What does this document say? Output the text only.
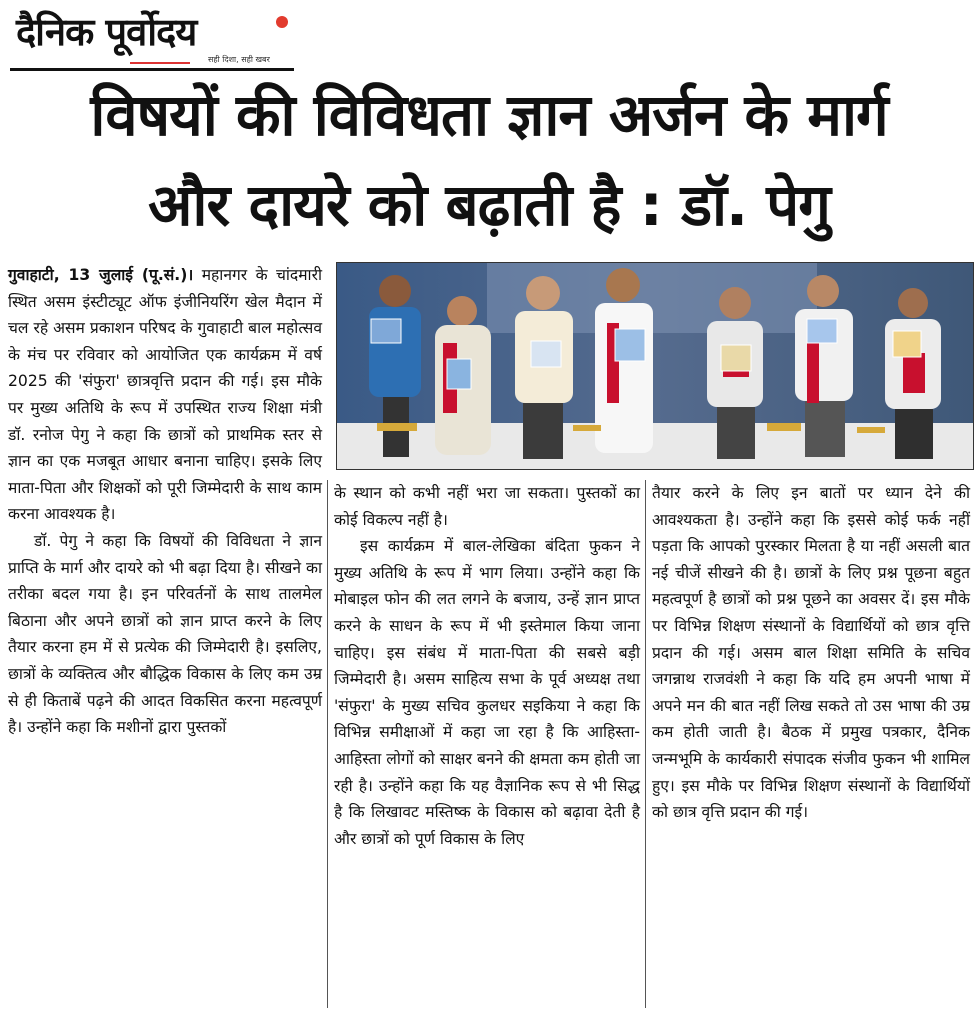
दैनिक पूर्वोदय
सही दिशा, सही खबर
विषयों की विविधता ज्ञान अर्जन के मार्ग
और दायरे को बढ़ाती है : डॉ. पेगु

गुवाहाटी, 13 जुलाई (पू.सं.)। महानगर के चांदमारी स्थित असम इंस्टीट्यूट ऑफ इंजीनियरिंग खेल मैदान में चल रहे असम प्रकाशन परिषद के गुवाहाटी बाल महोत्सव के मंच पर रविवार को आयोजित एक कार्यक्रम में वर्ष 2025 की 'संफुरा' छात्रवृत्ति प्रदान की गई। इस मौके पर मुख्य अतिथि के रूप में उपस्थित राज्य शिक्षा मंत्री डॉ. रनोज पेगु ने कहा कि छात्रों को प्राथमिक स्तर से ज्ञान का एक मजबूत आधार बनाना चाहिए। इसके लिए माता-पिता और शिक्षकों को पूरी जिम्मेदारी के साथ काम करना आवश्यक है।

डॉ. पेगु ने कहा कि विषयों की विविधता ने ज्ञान प्राप्ति के मार्ग और दायरे को भी बढ़ा दिया है। सीखने का तरीका बदल गया है। इन परिवर्तनों के साथ तालमेल बिठाना और अपने छात्रों को ज्ञान प्राप्त करने के लिए तैयार करना हम में से प्रत्येक की जिम्मेदारी है। इसलिए, छात्रों के व्यक्तित्व और बौद्धिक विकास के लिए कम उम्र से ही किताबें पढ़ने की आदत विकसित करना महत्वपूर्ण है। उन्होंने कहा कि मशीनों द्वारा पुस्तकों

के स्थान को कभी नहीं भरा जा सकता। पुस्तकों का कोई विकल्प नहीं है।

इस कार्यक्रम में बाल-लेखिका बंदिता फुकन ने मुख्य अतिथि के रूप में भाग लिया। उन्होंने कहा कि मोबाइल फोन की लत लगने के बजाय, उन्हें ज्ञान प्राप्त करने के साधन के रूप में भी इस्तेमाल किया जाना चाहिए। इस संबंध में माता-पिता की सबसे बड़ी जिम्मेदारी है। असम साहित्य सभा के पूर्व अध्यक्ष तथा 'संफुरा' के मुख्य सचिव कुलधर सइकिया ने कहा कि विभिन्न समीक्षाओं में कहा जा रहा है कि आहिस्ता-आहिस्ता लोगों को साक्षर बनने की क्षमता कम होती जा रही है। उन्होंने कहा कि यह वैज्ञानिक रूप से भी सिद्ध है कि लिखावट मस्तिष्क के विकास को बढ़ावा देती है और छात्रों को पूर्ण विकास के लिए

तैयार करने के लिए इन बातों पर ध्यान देने की आवश्यकता है। उन्होंने कहा कि इससे कोई फर्क नहीं पड़ता कि आपको पुरस्कार मिलता है या नहीं असली बात नई चीजें सीखने की है। छात्रों के लिए प्रश्न पूछना बहुत महत्वपूर्ण है छात्रों को प्रश्न पूछने का अवसर दें। इस मौके पर विभिन्न शिक्षण संस्थानों के विद्यार्थियों को छात्र वृत्ति प्रदान की गई। असम बाल शिक्षा समिति के सचिव जगन्नाथ राजवंशी ने कहा कि यदि हम अपनी भाषा में अपने मन की बात नहीं लिख सकते तो उस भाषा की उम्र कम होती जाती है। बैठक में प्रमुख पत्रकार, दैनिक जन्मभूमि के कार्यकारी संपादक संजीव फुकन भी शामिल हुए। इस मौके पर विभिन्न शिक्षण संस्थानों के विद्यार्थियों को छात्र वृत्ति प्रदान की गई।
